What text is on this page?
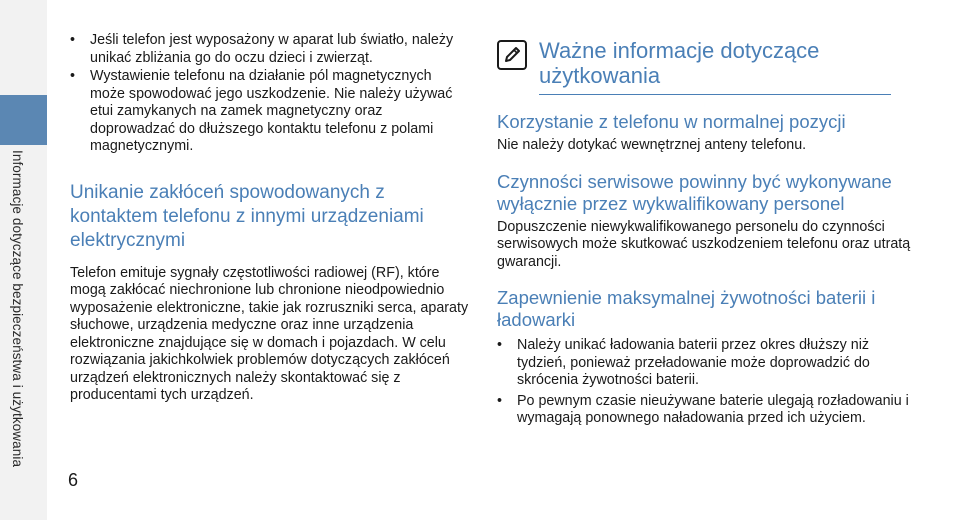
Informacje dotyczące bezpieczeństwa i użytkowania
6
• Jeśli telefon jest wyposażony w aparat lub światło, należy unikać zbliżania go do oczu dzieci i zwierząt.
• Wystawienie telefonu na działanie pól magnetycznych może spowodować jego uszkodzenie. Nie należy używać etui zamykanych na zamek magnetyczny oraz doprowadzać do dłuższego kontaktu telefonu z polami magnetycznymi.
Unikanie zakłóceń spowodowanych z kontaktem telefonu z innymi urządzeniami elektrycznymi

Telefon emituje sygnały częstotliwości radiowej (RF), które mogą zakłócać niechronione lub chronione nieodpowiednio wyposażenie elektroniczne, takie jak rozruszniki serca, aparaty słuchowe, urządzenia medyczne oraz inne urządzenia elektroniczne znajdujące się w domach i pojazdach. W celu rozwiązania jakichkolwiek problemów dotyczących zakłóceń urządzeń elektronicznych należy skontaktować się z producentami tych urządzeń.

Ważne informacje dotyczące użytkowania
Korzystanie z telefonu w normalnej pozycji

Nie należy dotykać wewnętrznej anteny telefonu.

Czynności serwisowe powinny być wykonywane wyłącznie przez wykwalifikowany personel

Dopuszczenie niewykwalifikowanego personelu do czynności serwisowych może skutkować uszkodzeniem telefonu oraz utratą gwarancji.

Zapewnienie maksymalnej żywotności baterii i ładowarki
• Należy unikać ładowania baterii przez okres dłuższy niż tydzień, ponieważ przeładowanie może doprowadzić do skrócenia żywotności baterii.
• Po pewnym czasie nieużywane baterie ulegają rozładowaniu i wymagają ponownego naładowania przed ich użyciem.
